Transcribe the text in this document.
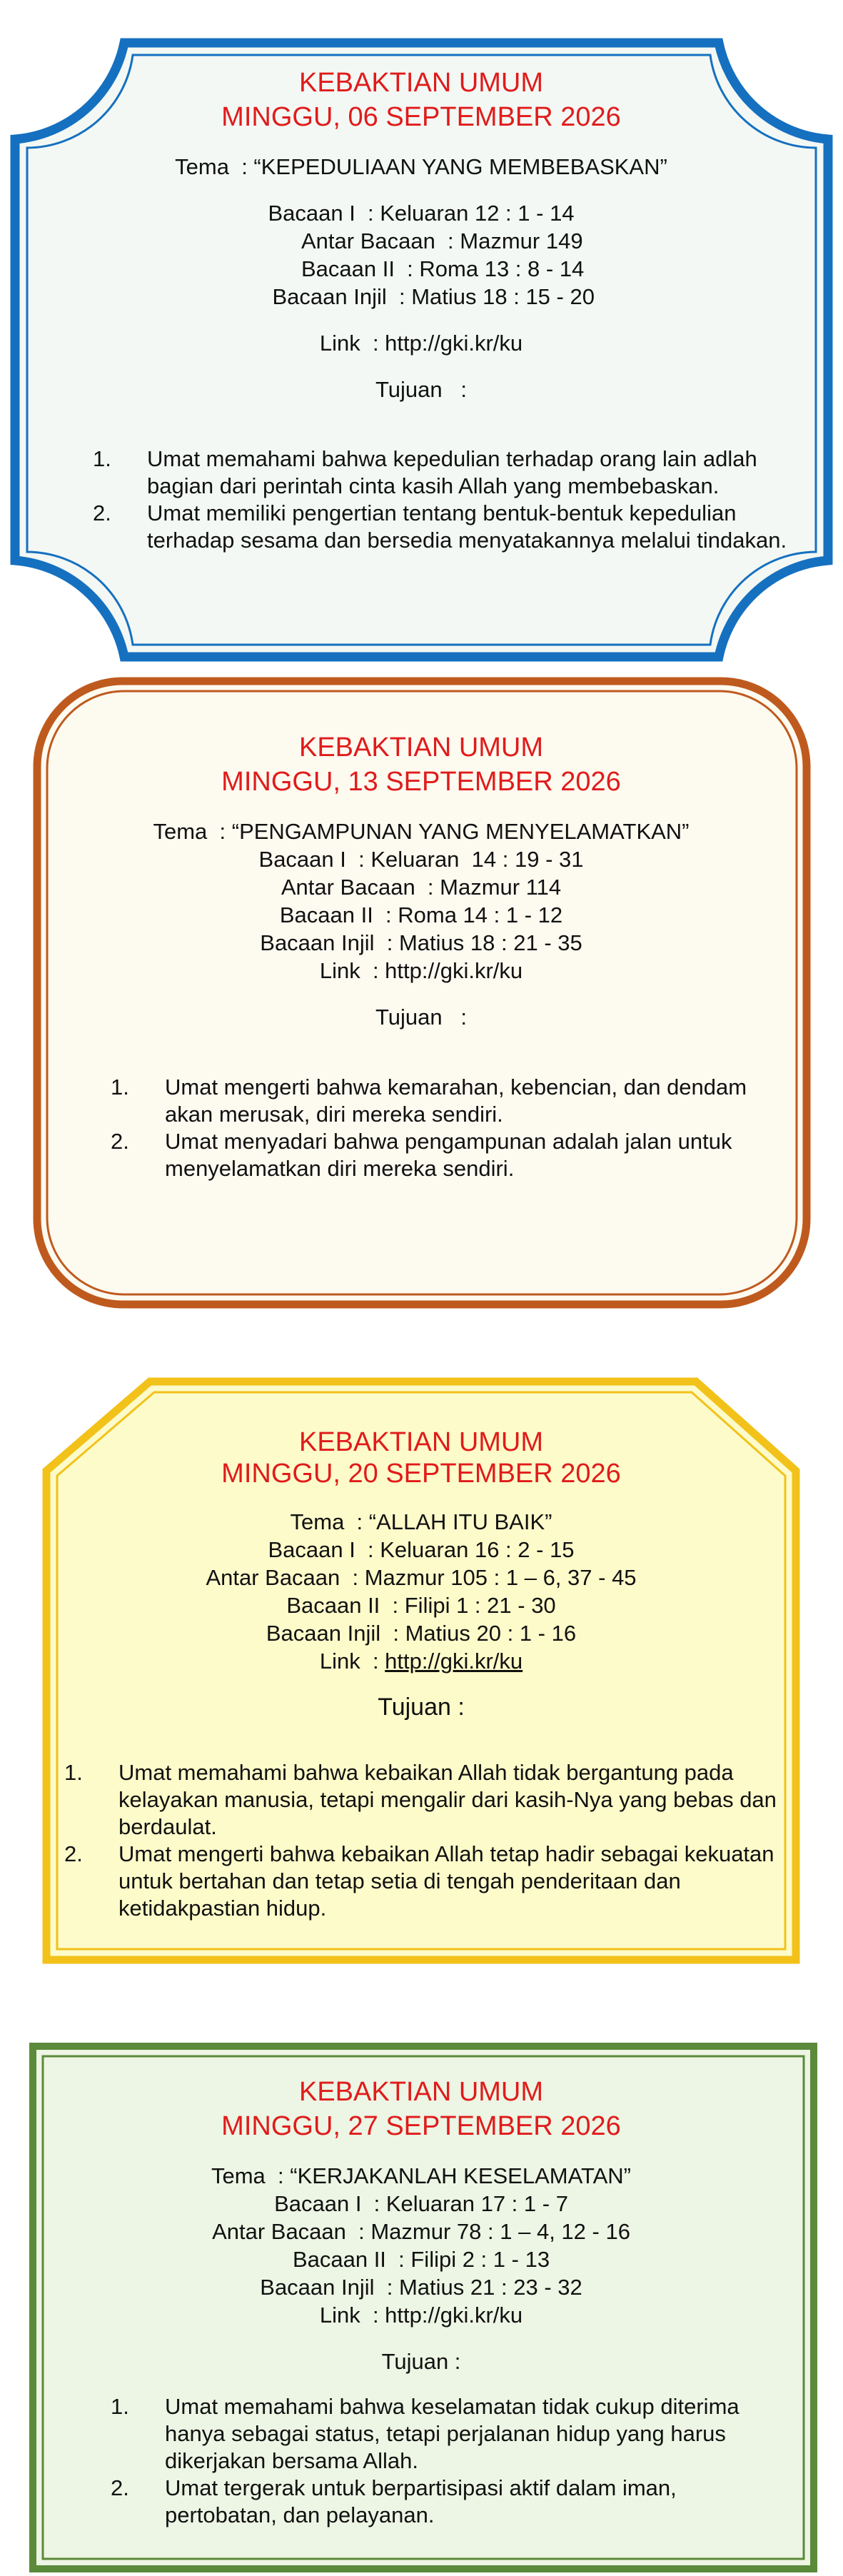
KEBAKTIAN UMUM
MINGGU, 06 SEPTEMBER 2026
Tema  : “KEPEDULIAAN YANG MEMBEBASKAN”
Bacaan I  : Keluaran 12 : 1 - 14
Antar Bacaan  : Mazmur 149
Bacaan II  : Roma 13 : 8 - 14
Bacaan Injil  : Matius 18 : 15 - 20
Link  : http://gki.kr/ku
Tujuan   :
1. Umat memahami bahwa kepedulian terhadap orang lain adlah bagian dari perintah cinta kasih Allah yang membebaskan.
2. Umat memiliki pengertian tentang bentuk-bentuk kepedulian terhadap sesama dan bersedia menyatakannya melalui tindakan.
KEBAKTIAN UMUM
MINGGU, 13 SEPTEMBER 2026
Tema  : “PENGAMPUNAN YANG MENYELAMATKAN”
Bacaan I  : Keluaran  14 : 19 - 31
Antar Bacaan  : Mazmur 114
Bacaan II  : Roma 14 : 1 - 12
Bacaan Injil  : Matius 18 : 21 - 35
Link  : http://gki.kr/ku
Tujuan   :
1. Umat mengerti bahwa kemarahan, kebencian, dan dendam akan merusak, diri mereka sendiri.
2. Umat menyadari bahwa pengampunan adalah jalan untuk menyelamatkan diri mereka sendiri.
KEBAKTIAN UMUM
MINGGU, 20 SEPTEMBER 2026
Tema  : “ALLAH ITU BAIK”
Bacaan I  : Keluaran 16 : 2 - 15
Antar Bacaan  : Mazmur 105 : 1 – 6, 37 - 45
Bacaan II  : Filipi 1 : 21 - 30
Bacaan Injil  : Matius 20 : 1 - 16
Link  : http://gki.kr/ku
Tujuan :
1. Umat memahami bahwa kebaikan Allah tidak bergantung pada kelayakan manusia, tetapi mengalir dari kasih-Nya yang bebas dan berdaulat.
2. Umat mengerti bahwa kebaikan Allah tetap hadir sebagai kekuatan untuk bertahan dan tetap setia di tengah penderitaan dan ketidakpastian hidup.
KEBAKTIAN UMUM
MINGGU, 27 SEPTEMBER 2026
Tema  : “KERJAKANLAH KESELAMATAN”
Bacaan I  : Keluaran 17 : 1 - 7
Antar Bacaan  : Mazmur 78 : 1 – 4, 12 - 16
Bacaan II  : Filipi 2 : 1 - 13
Bacaan Injil  : Matius 21 : 23 - 32
Link  : http://gki.kr/ku
Tujuan :
1. Umat memahami bahwa keselamatan tidak cukup diterima hanya sebagai status, tetapi perjalanan hidup yang harus dikerjakan bersama Allah.
2. Umat tergerak untuk berpartisipasi aktif dalam iman, pertobatan, dan pelayanan.
